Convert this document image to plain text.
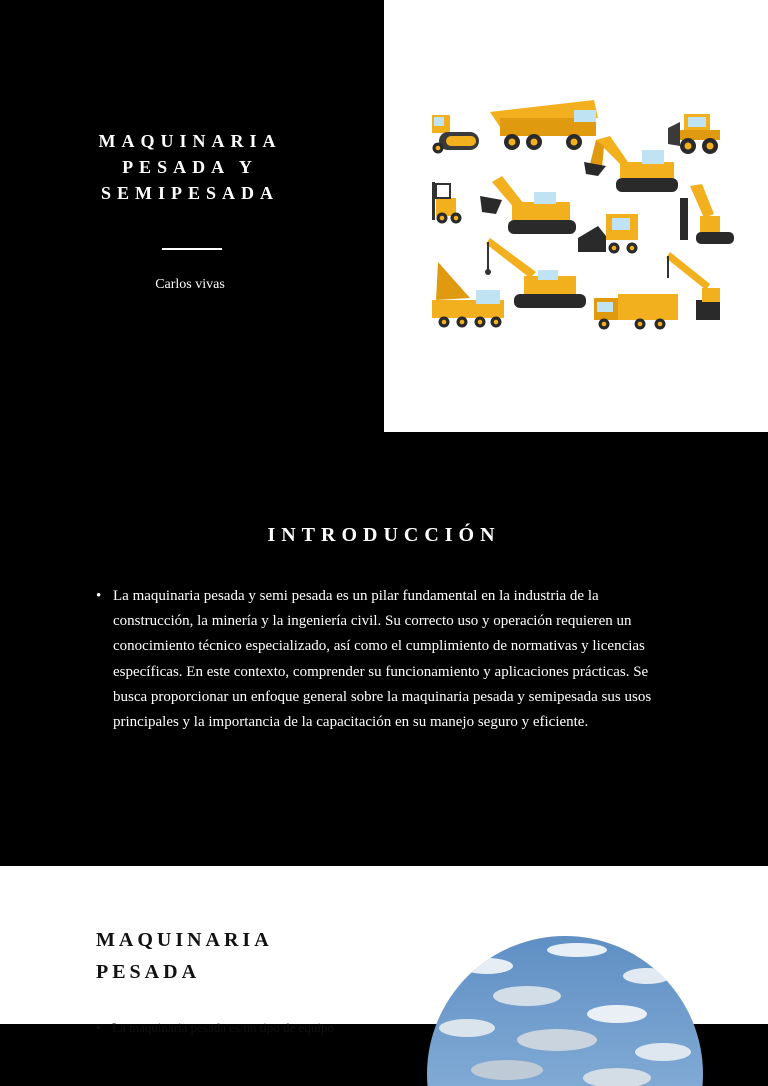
MAQUINARIA
PESADA Y
SEMIPESADA
Carlos vivas
INTRODUCCIÓN
• La maquinaria pesada y semi pesada es un pilar fundamental en la industria de la construcción, la minería y la ingeniería civil. Su correcto uso y operación requieren un conocimiento técnico especializado, así como el cumplimiento de normativas y licencias específicas. En este contexto, comprender su funcionamiento y aplicaciones prácticas. Se busca proporcionar un enfoque general sobre la maquinaria pesada y semipesada sus usos principales y la importancia de la capacitación en su manejo seguro y eficiente.
MAQUINARIA
PESADA
• La maquinaria pesada es un tipo de equipo
